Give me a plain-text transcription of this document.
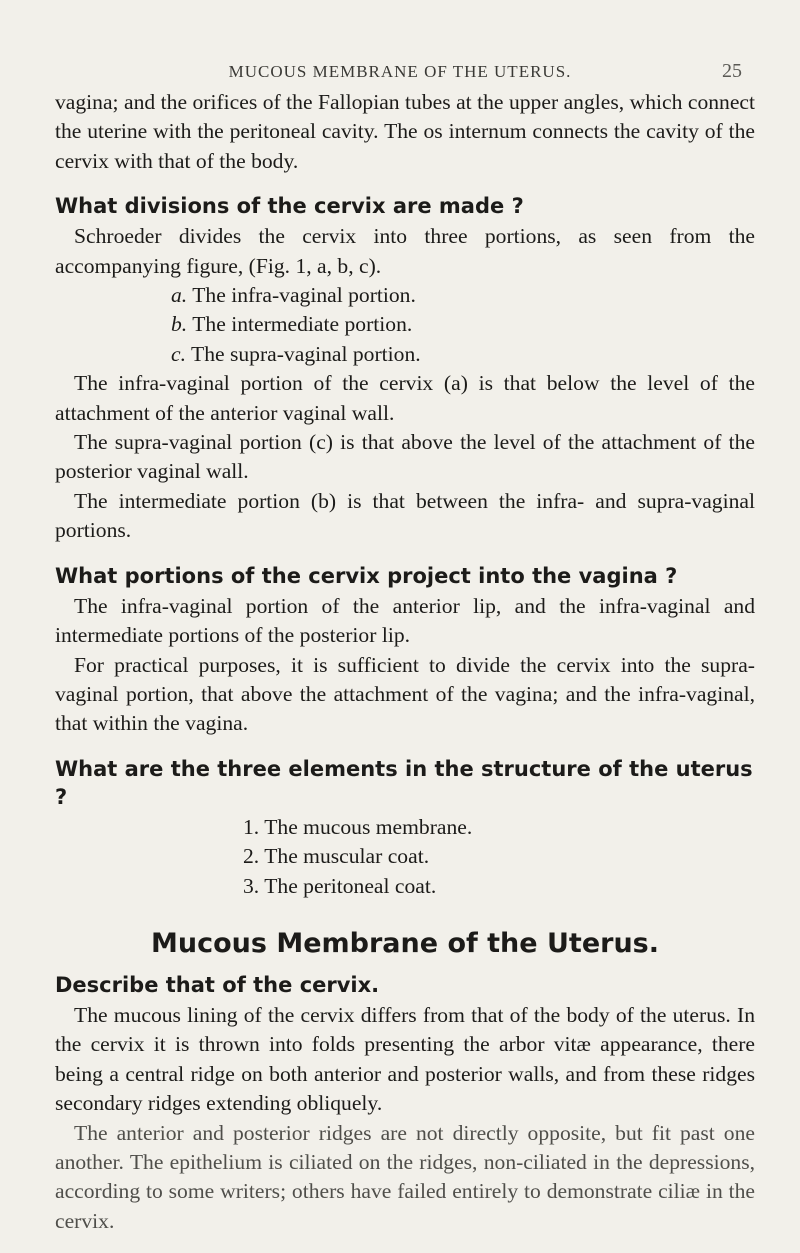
MUCOUS MEMBRANE OF THE UTERUS.	25

vagina; and the orifices of the Fallopian tubes at the upper angles, which connect the uterine with the peritoneal cavity. The os internum connects the cavity of the cervix with that of the body.

What divisions of the cervix are made ?

Schroeder divides the cervix into three portions, as seen from the accompanying figure, (Fig. 1, a, b, c).

a. The infra-vaginal portion.

b. The intermediate portion.

c. The supra-vaginal portion.

The infra-vaginal portion of the cervix (a) is that below the level of the attachment of the anterior vaginal wall.

The supra-vaginal portion (c) is that above the level of the attachment of the posterior vaginal wall.

The intermediate portion (b) is that between the infra- and supra-vaginal portions.

What portions of the cervix project into the vagina ?

The infra-vaginal portion of the anterior lip, and the infra-vaginal and intermediate portions of the posterior lip.

For practical purposes, it is sufficient to divide the cervix into the supra-vaginal portion, that above the attachment of the vagina; and the infra-vaginal, that within the vagina.

What are the three elements in the structure of the uterus ?

1. The mucous membrane.

2. The muscular coat.

3. The peritoneal coat.

Mucous Membrane of the Uterus.

Describe that of the cervix.

The mucous lining of the cervix differs from that of the body of the uterus. In the cervix it is thrown into folds presenting the arbor vitæ appearance, there being a central ridge on both anterior and posterior walls, and from these ridges secondary ridges extending obliquely.

The anterior and posterior ridges are not directly opposite, but fit past one another. The epithelium is ciliated on the ridges, non-ciliated in the depressions, according to some writers; others have failed entirely to demonstrate ciliæ in the cervix.
